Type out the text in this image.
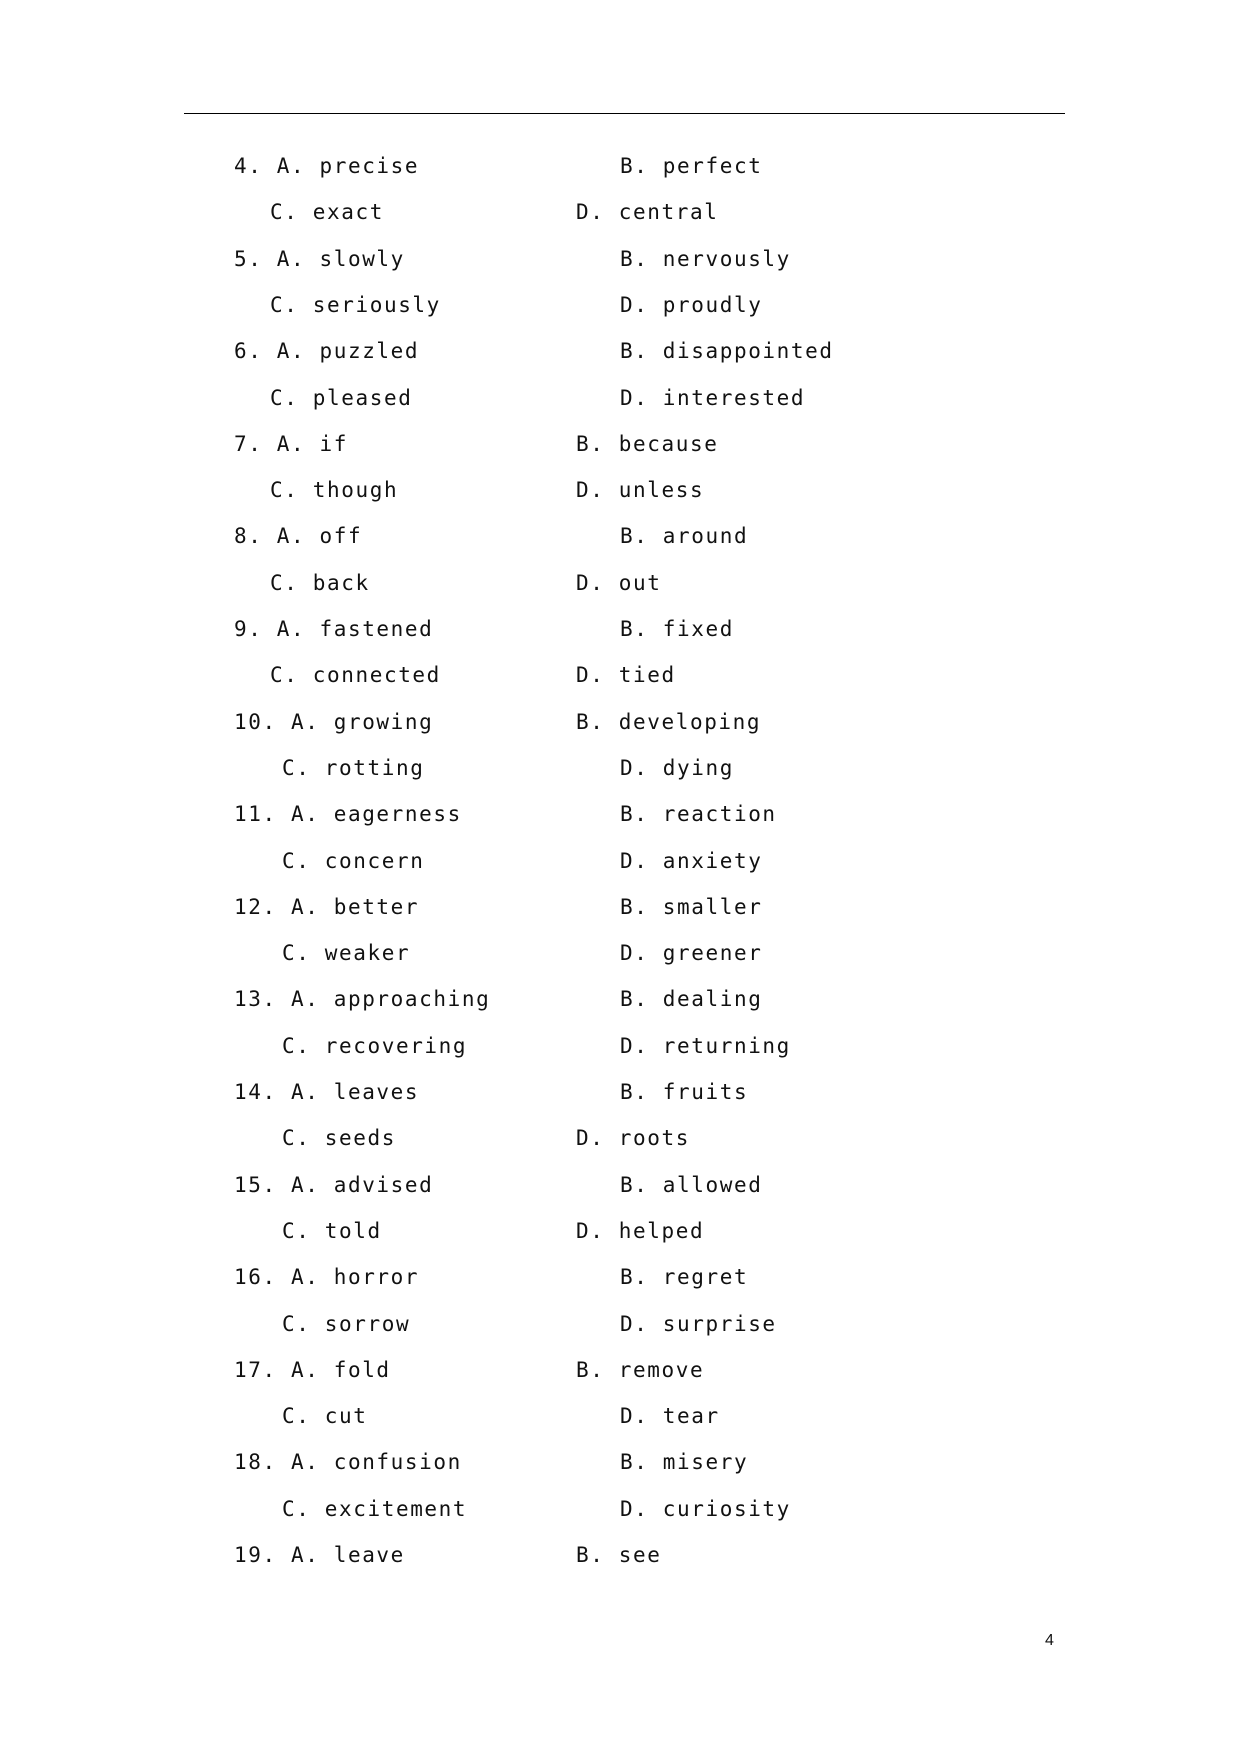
4. A. precise	B. perfect
C. exact	D. central
5. A. slowly	B. nervously
C. seriously	D. proudly
6. A. puzzled	B. disappointed
C. pleased	D. interested
7. A. if	B. because
C. though	D. unless
8. A. off	B. around
C. back	D. out
9. A. fastened	B. fixed
C. connected	D. tied
10. A. growing	B. developing
C. rotting	D. dying
11. A. eagerness	B. reaction
C. concern	D. anxiety
12. A. better	B. smaller
C. weaker	D. greener
13. A. approaching	B. dealing
C. recovering	D. returning
14. A. leaves	B. fruits
C. seeds	D. roots
15. A. advised	B. allowed
C. told	D. helped
16. A. horror	B. regret
C. sorrow	D. surprise
17. A. fold	B. remove
C. cut	D. tear
18. A. confusion	B. misery
C. excitement	D. curiosity
19. A. leave	B. see
4
